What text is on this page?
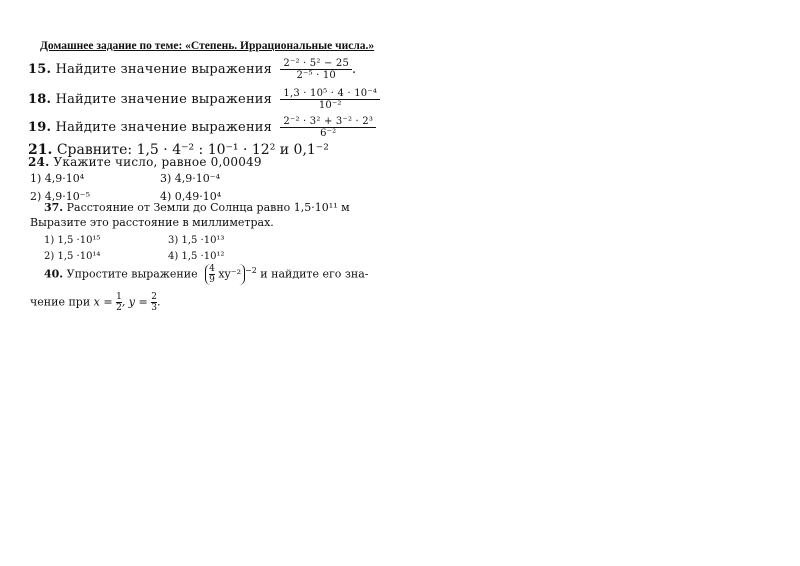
Домашнее задание по теме: «Степень. Иррациональные числа.»
15. Найдите значение выражения $\frac{\text{2⁻² · 5² − 25}}{\text{2⁻⁵ · 10}}$ .
18. Найдите значение выражения $\frac{\text{1,3 · 10⁵ · 4 · 10⁻⁴}}{\text{10⁻²}}$
19. Найдите значение выражения $\frac{\text{2⁻² · 3² + 3⁻² · 2³}}{\text{6⁻²}}$
21. Сравните: 1,5 · 4⁻² : 10⁻¹ · 12² и 0,1⁻²
24. Укажите число, равное 0,00049
1) 4,9·10⁴	3) 4,9·10⁻⁴
2) 4,9·10⁻⁵	4) 0,49·10⁴
37. Расстояние от Земли до Солнца равно 1,5·10¹¹ м
Выразите это расстояние в миллиметрах.
1) 1,5 ·10¹⁵	3) 1,5 ·10¹³
2) 1,5 ·10¹⁴	4) 1,5 ·10¹²
40. Упростите выражение $\frac{4}{9} xy^{-2}$ $^{-2}$ и найдите его зна-
чение при $x = \frac{1}{2}$ , $y = \frac{2}{3}$ .
